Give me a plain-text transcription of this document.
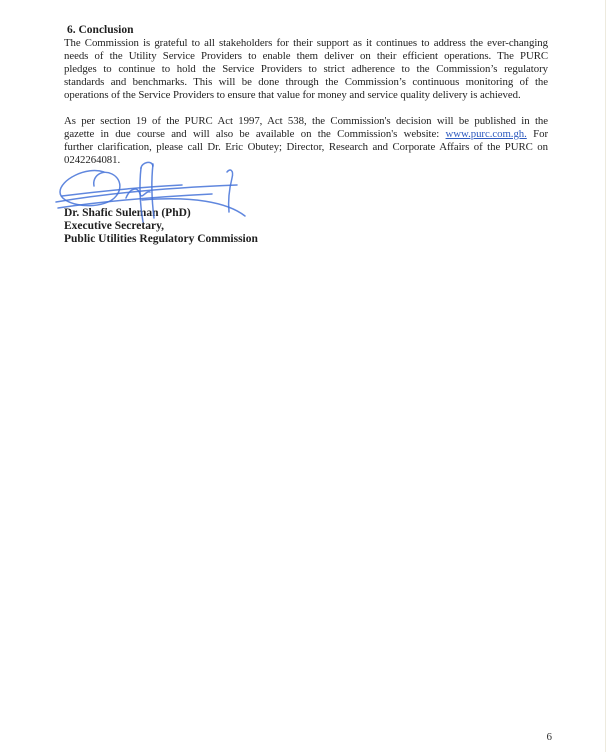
6. Conclusion
The Commission is grateful to all stakeholders for their support as it continues to address the ever-changing
needs of the Utility Service Providers to enable them deliver on their efficient operations. The PURC
pledges to continue to hold the Service Providers to strict adherence to the Commission’s regulatory
standards and benchmarks. This will be done through the Commission’s continuous monitoring of the
operations of the Service Providers to ensure that value for money and service quality delivery is achieved.
As per section 19 of the PURC Act 1997, Act 538, the Commission's decision will be published in the
gazette in due course and will also be available on the Commission's website: www.purc.com.gh. For
further clarification, please call Dr. Eric Obutey; Director, Research and Corporate Affairs of the PURC on
0242264081.
Dr. Shafic Suleman (PhD)
Executive Secretary,
Public Utilities Regulatory Commission
6
